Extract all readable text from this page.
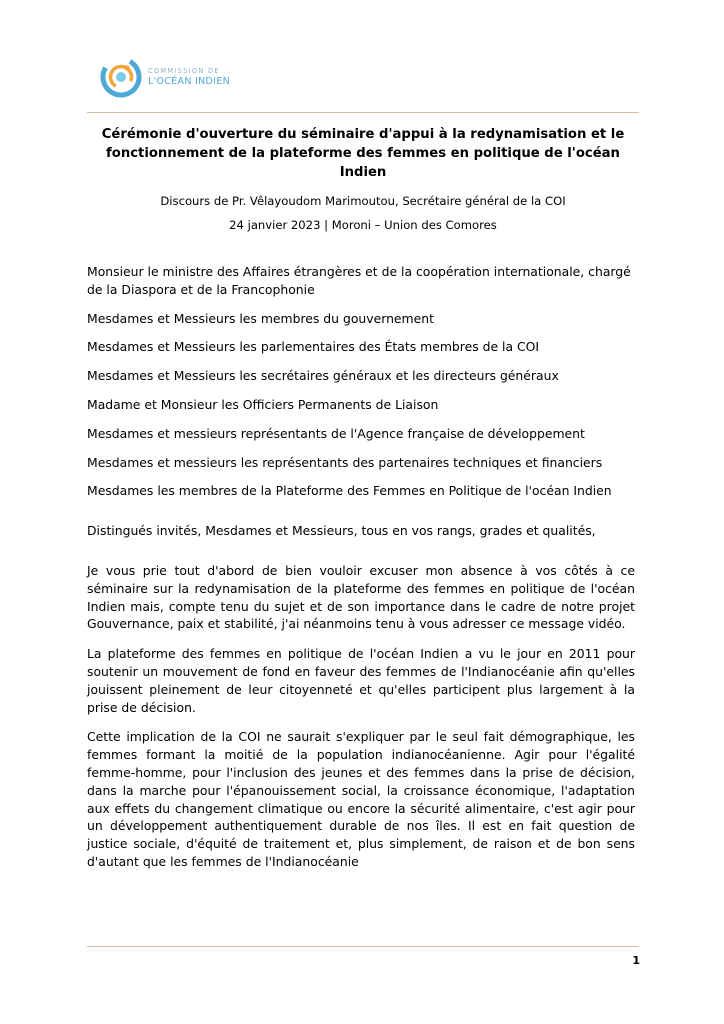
COMMISSION DE
L'OCÉAN INDIEN
Cérémonie d'ouverture du séminaire d'appui à la redynamisation et le fonctionnement de la plateforme des femmes en politique de l'océan Indien
Discours de Pr. Vêlayoudom Marimoutou, Secrétaire général de la COI
24 janvier 2023 | Moroni – Union des Comores

Monsieur le ministre des Affaires étrangères et de la coopération internationale, chargé de la Diaspora et de la Francophonie

Mesdames et Messieurs les membres du gouvernement

Mesdames et Messieurs les parlementaires des États membres de la COI

Mesdames et Messieurs les secrétaires généraux et les directeurs généraux

Madame et Monsieur les Officiers Permanents de Liaison

Mesdames et messieurs représentants de l'Agence française de développement

Mesdames et messieurs les représentants des partenaires techniques et financiers

Mesdames les membres de la Plateforme des Femmes en Politique de l'océan Indien

Distingués invités, Mesdames et Messieurs, tous en vos rangs, grades et qualités,

Je vous prie tout d'abord de bien vouloir excuser mon absence à vos côtés à ce séminaire sur la redynamisation de la plateforme des femmes en politique de l'océan Indien mais, compte tenu du sujet et de son importance dans le cadre de notre projet Gouvernance, paix et stabilité, j'ai néanmoins tenu à vous adresser ce message vidéo.

La plateforme des femmes en politique de l'océan Indien a vu le jour en 2011 pour soutenir un mouvement de fond en faveur des femmes de l'Indianocéanie afin qu'elles jouissent pleinement de leur citoyenneté et qu'elles participent plus largement à la prise de décision.

Cette implication de la COI ne saurait s'expliquer par le seul fait démographique, les femmes formant la moitié de la population indianocéanienne. Agir pour l'égalité femme-homme, pour l'inclusion des jeunes et des femmes dans la prise de décision, dans la marche pour l'épanouissement social, la croissance économique, l'adaptation aux effets du changement climatique ou encore la sécurité alimentaire, c'est agir pour un développement authentiquement durable de nos îles. Il est en fait question de justice sociale, d'équité de traitement et, plus simplement, de raison et de bon sens d'autant que les femmes de l'Indianocéanie

1
